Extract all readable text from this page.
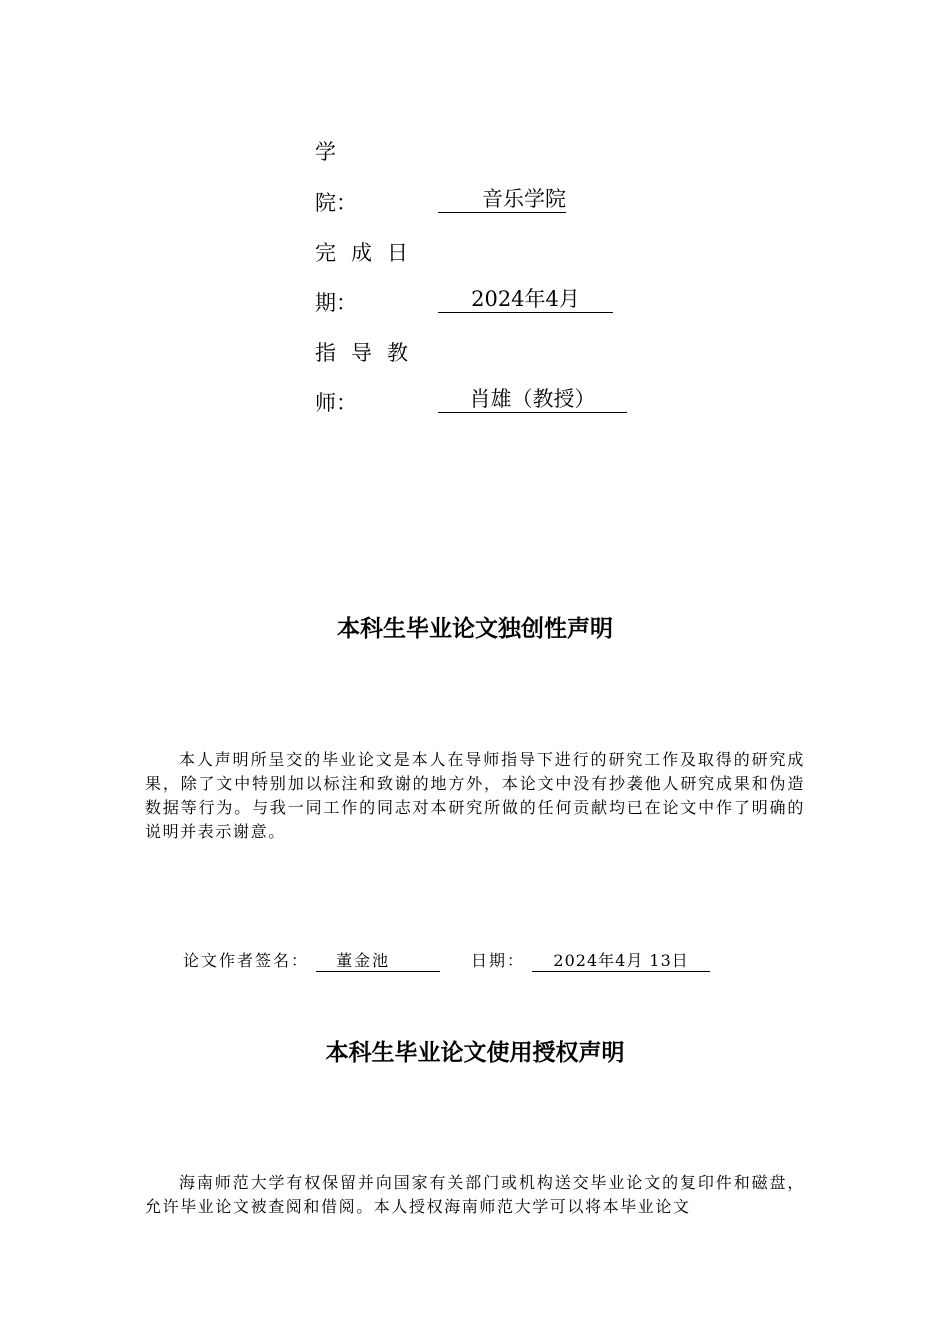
学
院：	音乐学院
完成日
期：	2024年4月
指导教
师：	肖雄（教授）
本科生毕业论文独创性声明
本人声明所呈交的毕业论文是本人在导师指导下进行的研究工作及取得的研究成果，除了文中特别加以标注和致谢的地方外，本论文中没有抄袭他人研究成果和伪造数据等行为。与我一同工作的同志对本研究所做的任何贡献均已在论文中作了明确的说明并表示谢意。
论文作者签名： 董金池	日期： 2024年4月 13日
本科生毕业论文使用授权声明
海南师范大学有权保留并向国家有关部门或机构送交毕业论文的复印件和磁盘，允许毕业论文被查阅和借阅。本人授权海南师范大学可以将本毕业论文
